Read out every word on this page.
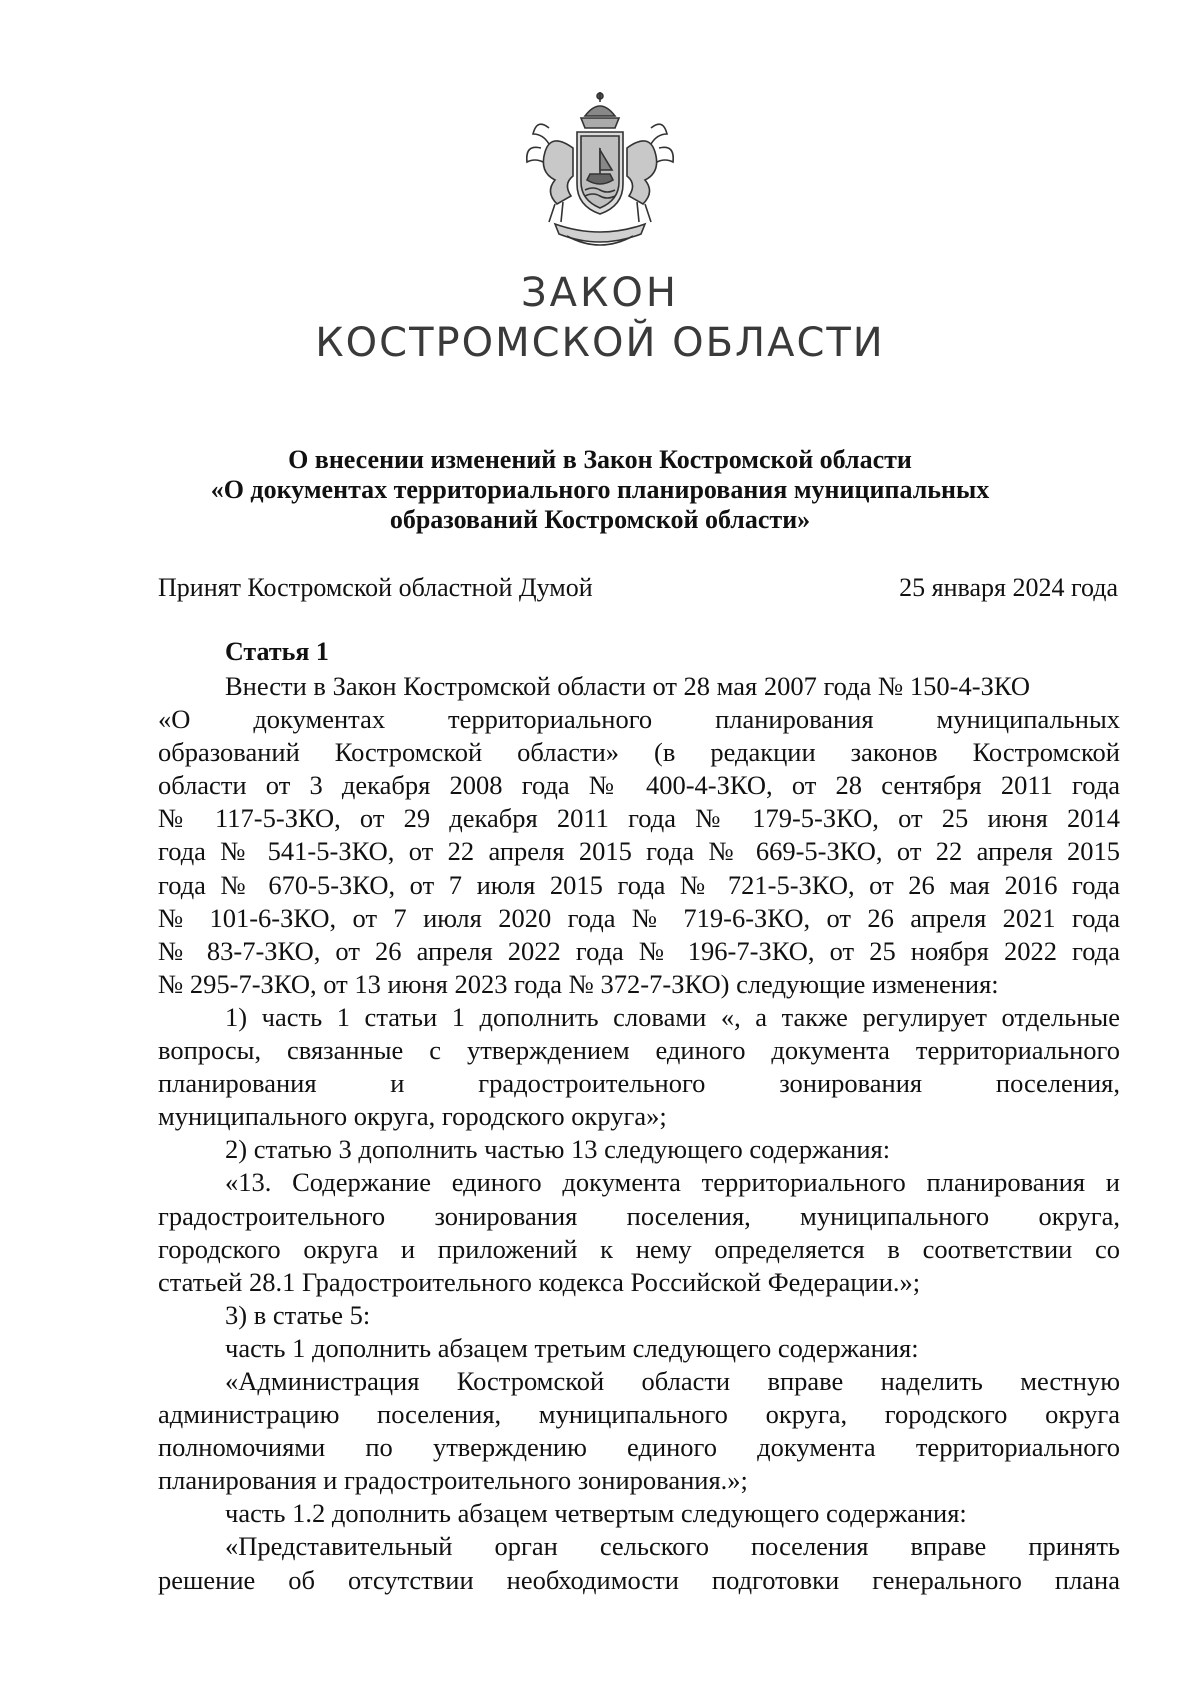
ЗАКОН
КОСТРОМСКОЙ ОБЛАСТИ
О внесении изменений в Закон Костромской области
«О документах территориального планирования муниципальных
образований Костромской области»
Принят Костромской областной Думой	25 января 2024 года
Статья 1
Внести в Закон Костромской области от 28 мая 2007 года № 150-4-ЗКО
«О документах территориального планирования муниципальных
образований Костромской области» (в редакции законов Костромской
области от 3 декабря 2008 года № 400-4-ЗКО, от 28 сентября 2011 года
№ 117-5-ЗКО, от 29 декабря 2011 года № 179-5-ЗКО, от 25 июня 2014
года № 541-5-ЗКО, от 22 апреля 2015 года № 669-5-ЗКО, от 22 апреля 2015
года № 670-5-ЗКО, от 7 июля 2015 года № 721-5-ЗКО, от 26 мая 2016 года
№ 101-6-ЗКО, от 7 июля 2020 года № 719-6-ЗКО, от 26 апреля 2021 года
№ 83-7-ЗКО, от 26 апреля 2022 года № 196-7-ЗКО, от 25 ноября 2022 года
№ 295-7-ЗКО, от 13 июня 2023 года № 372-7-ЗКО) следующие изменения:
1) часть 1 статьи 1 дополнить словами «, а также регулирует отдельные
вопросы, связанные с утверждением единого документа территориального
планирования и градостроительного зонирования поселения,
муниципального округа, городского округа»;
2) статью 3 дополнить частью 13 следующего содержания:
«13. Содержание единого документа территориального планирования и
градостроительного зонирования поселения, муниципального округа,
городского округа и приложений к нему определяется в соответствии со
статьей 28.1 Градостроительного кодекса Российской Федерации.»;
3) в статье 5:
часть 1 дополнить абзацем третьим следующего содержания:
«Администрация Костромской области вправе наделить местную
администрацию поселения, муниципального округа, городского округа
полномочиями по утверждению единого документа территориального
планирования и градостроительного зонирования.»;
часть 1.2 дополнить абзацем четвертым следующего содержания:
«Представительный орган сельского поселения вправе принять
решение об отсутствии необходимости подготовки генерального плана
